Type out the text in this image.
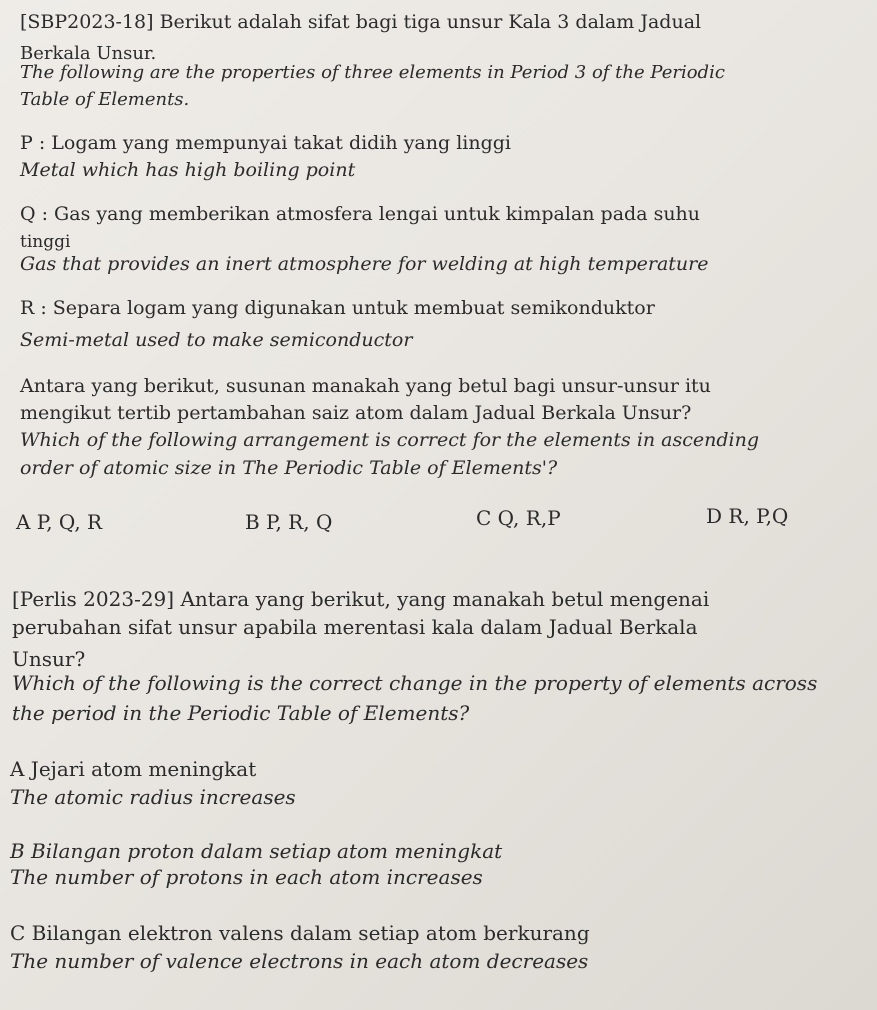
[SBP2023-18] Berikut adalah sifat bagi tiga unsur Kala 3 dalam Jadual
Berkala Unsur.
The following are the properties of three elements in Period 3 of the Periodic
Table of Elements.
P : Logam yang mempunyai takat didih yang linggi
Metal which has high boiling point
Q : Gas yang memberikan atmosfera lengai untuk kimpalan pada suhu
tinggi
Gas that provides an inert atmosphere for welding at high temperature
R : Separa logam yang digunakan untuk membuat semikonduktor
Semi-metal used to make semiconductor
Antara yang berikut, susunan manakah yang betul bagi unsur-unsur itu
mengikut tertib pertambahan saiz atom dalam Jadual Berkala Unsur?
Which of the following arrangement is correct for the elements in ascending
order of atomic size in The Periodic Table of Elements'?
A P, Q, R	B P, R, Q	C Q, R,P	D R, P,Q
[Perlis 2023-29] Antara yang berikut, yang manakah betul mengenai
perubahan sifat unsur apabila merentasi kala dalam Jadual Berkala
Unsur?
Which of the following is the correct change in the property of elements across
the period in the Periodic Table of Elements?
A Jejari atom meningkat
The atomic radius increases
B Bilangan proton dalam setiap atom meningkat
The number of protons in each atom increases
C Bilangan elektron valens dalam setiap atom berkurang
The number of valence electrons in each atom decreases
